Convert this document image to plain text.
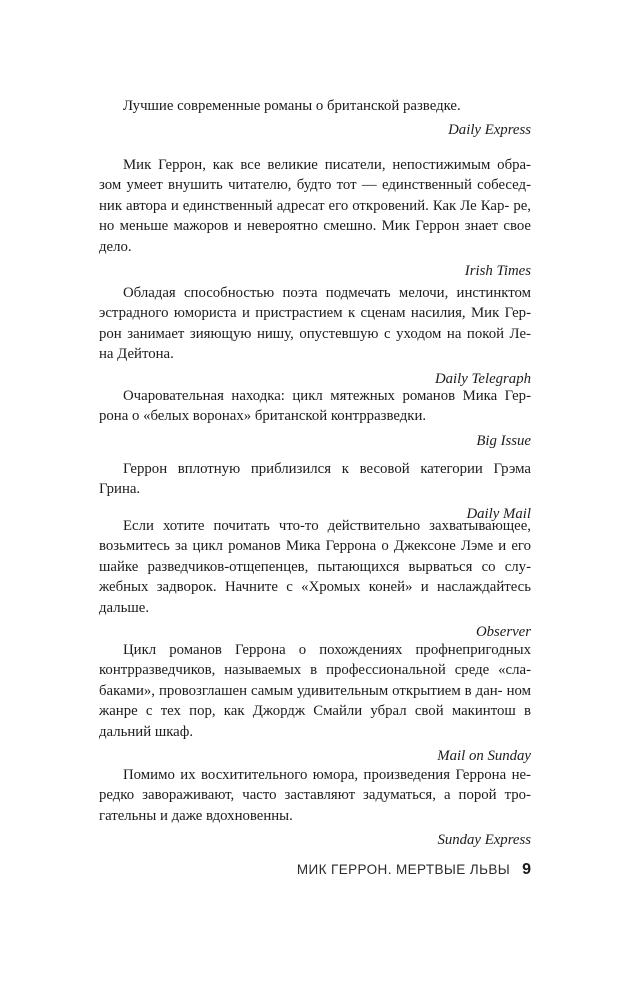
Лучшие современные романы о британской разведке.

Daily Express

Мик Геррон, как все великие писатели, непостижимым обра- зом умеет внушить читателю, будто тот — единственный собесед- ник автора и единственный адресат его откровений. Как Ле Кар- ре, но меньше мажоров и невероятно смешно. Мик Геррон знает свое дело.

Irish Times

Обладая способностью поэта подмечать мелочи, инстинктом эстрадного юмориста и пристрастием к сценам насилия, Мик Гер- рон занимает зияющую нишу, опустевшую с уходом на покой Ле- на Дейтона.

Daily Telegraph

Очаровательная находка: цикл мятежных романов Мика Гер- рона о «белых воронах» британской контрразведки.

Big Issue

Геррон вплотную приблизился к весовой категории Грэма Грина.

Daily Mail

Если хотите почитать что-то действительно захватывающее, возьмитесь за цикл романов Мика Геррона о Джексоне Лэме и его шайке разведчиков-отщепенцев, пытающихся вырваться со слу- жебных задворок. Начните с «Хромых коней» и наслаждайтесь дальше.

Observer

Цикл романов Геррона о похождениях профнепригодных контрразведчиков, называемых в профессиональной среде «сла- баками», провозглашен самым удивительным открытием в дан- ном жанре с тех пор, как Джордж Смайли убрал свой макинтош в дальний шкаф.

Mail on Sunday

Помимо их восхитительного юмора, произведения Геррона не- редко завораживают, часто заставляют задуматься, а порой тро- гательны и даже вдохновенны.

Sunday Express

МИК ГЕРРОН. МЕРТВЫЕ ЛЬВЫ 9
